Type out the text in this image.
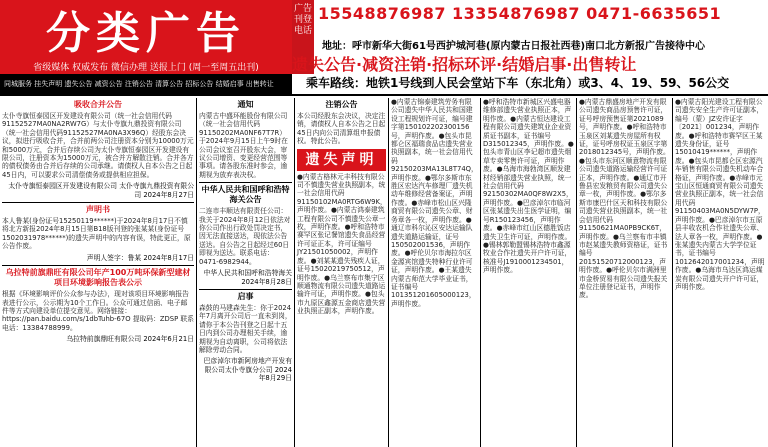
分类广告
省级媒体 权威发布 微信办理 送报上门 (周一至周五出刊)
同城服务 挂失声明 遗失公告 减资公告 注销公告 清算公告 招标公告 结婚启事 出售转让
广告刊登电话
15548876987 13354876987 0471-6635651
地址：呼市新华大街61号西护城河巷(原内蒙古日报社西巷)南口北方新报广告接待中心
遗失公告·减资注销·招标环评·结婚启事·出售转让
乘车路线：地铁1号线到人民会堂站下车（东北角）或3、4、19、59、56公交
吸收合并公告
太仆寺旗恒泰园区开发建设有限公司（统一社会信用代码91152527MA0NA2RW7G）与太仆寺旗九鼎投资有限公司（统一社会信用代码91152527MA0NA3X96Q）经股东会决议，拟进行吸收合并，合并前两公司注册资本分别为10000万元和5000万元，合并后存续公司为太仆寺旗恒泰园区开发建设有限公司，注册资本为15000万元，被合并方解散注销。合并各方的债权债务由合并后存续的公司承继。请债权人自本公告之日起45日内，可以要求公司清偿债务或提供相应担保。
太仆寺旗恒泰园区开发建设有限公司 太仆寺旗九鼎投资有限公司 2024年8月27日
声明书
本人鲁某(身份证号15250119******)于2024年8月17日不慎将北方新报2024年8月15日第B18版刊登的张某某(身份证号1502031978******)的遗失声明中的内容有误，特此更正，原公告作废。
声明人签字：鲁某 2024年8月17日
乌拉特前旗鼎旺有限公司年产100万吨环保新型建材项目环境影响报告表公示
根据《环境影响评价公众参与办法》，现对该项目环境影响报告表进行公示，公示期为10个工作日。公众可通过信函、电子邮件等方式向建设单位提交意见。网络链接：https://pan.baidu.com/s/1dbTuhb-67O 提取码：ZDSP 联系电话：13384788999。
乌拉特前旗鼎旺有限公司 2024年6月21日
通知
内蒙古中盛环能股份有限公司（统一社会信用代码91150202MA0NF67T7R）于2024年9月15日上午9时在公司会议室召开股东大会，审议公司增资、变更经营范围等事项。请各股东准时参会，逾期视为放弃表决权。
中华人民共和国呼和浩特海关公告
二连市丰顺达有限责任公司：我关于2024年8月12日依法对你公司作出行政处罚决定书，因无法直接送达，现依法公告送达。自公告之日起经过60日即视为送达。联系电话：0471-6982944。
中华人民共和国呼和浩特海关 2024年8月28日
启事
森鼓的马建森先生：你于2024年7月离开公司后一直未到岗，请你于本公告刊登之日起十五日内到公司办理相关手续，逾期视为自动离职，公司将依法解除劳动合同。
巴彦淖尔市新阿房地产开发有限公司太仆寺旗分公司 2024年8月29日
注销公告
本公司经股东会决议，决定注销，请债权人自本公告之日起45日内向公司清算组申报债权。特此公告。
遗失声明
●内蒙古格林元丰科技有限公司不慎遗失营业执照副本，统一社会信用代码91150102MA0RTG6W9K，声明作废。●内蒙古鸿泰建筑工程有限公司不慎遗失公章一枚，声明作废。●呼和浩特市赛罕区张记餐馆遗失食品经营许可证正本，许可证编号JY21501050002，声明作废。●刘某某遗失残疾人证，证号15020219750512，声明作废。●乌兰察布市集宁区顺通物流有限公司遗失道路运输许可证，声明作废。●包头市九原区鑫源五金商店遗失营业执照正副本，声明作废。
●内蒙古锦泰建筑劳务有限公司遗失中华人民共和国建设工程规划许可证，编号建字第150102202300156号，声明作废。●包头市昆都仑区福瑞食品店遗失营业执照副本，统一社会信用代码92150203MA13L8T74Q，声明作废。●鄂尔多斯市东胜区宏达汽车修理厂遗失机动车维修经营备案证，声明作废。●赤峰市松山区兴隆商贸有限公司遗失公章、财务章各一枚，声明作废。●通辽市科尔沁区安达运输队遗失道路运输证，证号150502001536，声明作废。●呼伦贝尔市海拉尔区金源宾馆遗失特种行业许可证，声明作废。●王某遗失内蒙古师范大学毕业证书，证书编号101351201605000123，声明作废。
●呼和浩特市新城区兴盛电器维修部遗失营业执照正本，声明作废。●内蒙古恒达建设工程有限公司遗失建筑业企业资质证书副本，证书编号D315012345，声明作废。●包头市青山区李记超市遗失烟草专卖零售许可证，声明作废。●乌海市海勃湾区顺发建材经销部遗失营业执照，统一社会信用代码92150302MA0QF8W2X5，声明作废。●巴彦淖尔市临河区张某遗失出生医学证明，编号R150123456，声明作废。●赤峰市红山区德胜饭店遗失卫生许可证，声明作废。●锡林郭勒盟锡林浩特市鑫源牧业合作社遗失开户许可证，核准号J1910001234501，声明作废。
●内蒙古鼎盛房地产开发有限公司遗失商品房预售许可证，证号呼房预售证第2021089号，声明作废。●呼和浩特市玉泉区刘某遗失房屋所有权证，证号呼房权证玉泉区字第2018012345号，声明作废。●包头市东河区顺意物流有限公司遗失道路运输经营许可证正本，声明作废。●通辽市开鲁县宏发粮贸有限公司遗失公章一枚，声明作废。●鄂尔多斯市康巴什区天和科技有限公司遗失营业执照副本，统一社会信用代码91150621MA0PB9CK6T，声明作废。●乌兰察布市丰镇市赵某遗失教师资格证，证书编号20151520712000123，声明作废。●呼伦贝尔市满洲里市金桥贸易有限公司遗失报关单位注册登记证书，声明作废。
●内蒙古阳光建设工程有限公司遗失安全生产许可证副本，编号（蒙）JZ安许证字〔2021〕001234，声明作废。●呼和浩特市赛罕区王某遗失身份证，证号15010419******，声明作废。●包头市昆都仑区宏源汽车销售有限公司遗失机动车合格证，声明作废。●赤峰市元宝山区恒通商贸有限公司遗失营业执照正副本，统一社会信用代码91150403MA0N5DYW7P，声明作废。●巴彦淖尔市五原县丰收农机合作社遗失公章、法人章各一枚，声明作废。●张某遗失内蒙古大学学位证书，证书编号1012642017001234，声明作废。●乌海市乌达区鸿运煤炭有限公司遗失开户许可证，声明作废。
